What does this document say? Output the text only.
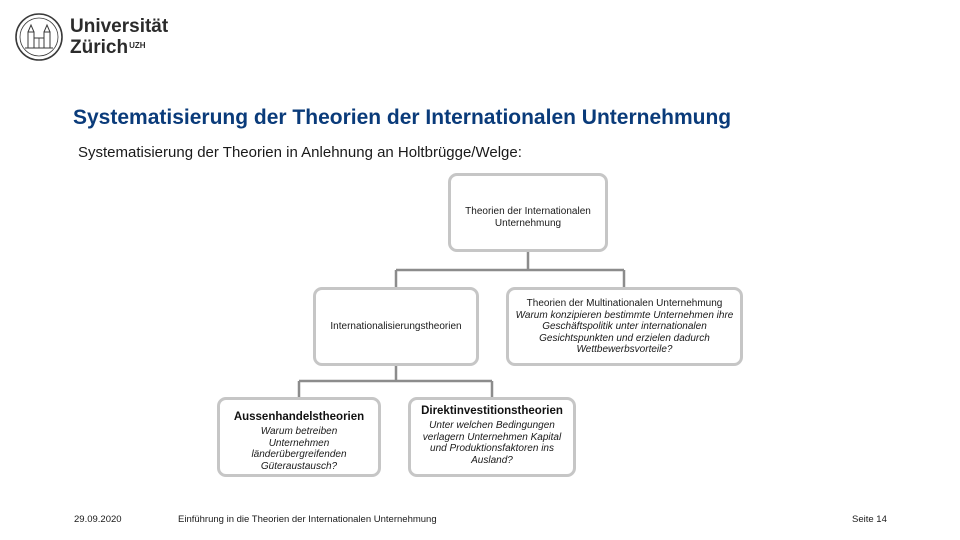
Universität
Zürich$^{UZH}$
Systematisierung der Theorien der Internationalen Unternehmung
Systematisierung der Theorien in Anlehnung an Holtbrügge/Welge:
Theorien der Internationalen Unternehmung
Internationalisierungstheorien
Theorien der Multinationalen Unternehmung
Warum konzipieren bestimmte Unternehmen ihre Geschäftspolitik unter internationalen Gesichtspunkten und erzielen dadurch Wettbewerbsvorteile?
Aussenhandelstheorien
Warum betreiben Unternehmen länderübergreifenden Güteraustausch?
Direktinvestitionstheorien
Unter welchen Bedingungen verlagern Unternehmen Kapital und Produktionsfaktoren ins Ausland?
29.09.2020	Einführung in die Theorien der Internationalen Unternehmung	Seite 14
